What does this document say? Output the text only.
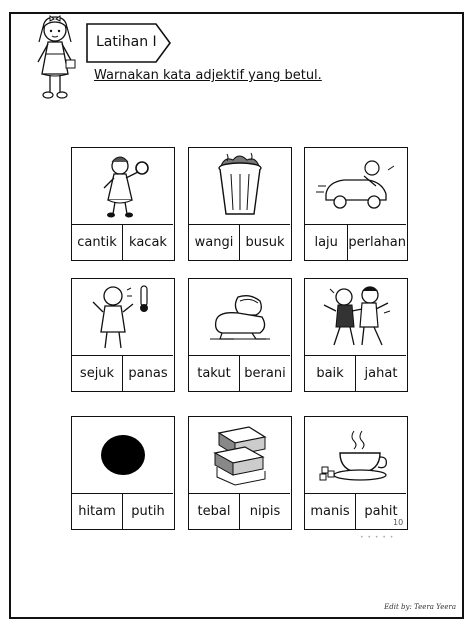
Latihan I
Warnakan kata adjektif yang betul.
cantik kacak	wangi busuk	laju perlahan
sejuk	panas	takut	berani	baik	jahat
hitam	putih	tebal	nipis	manis	pahit
10
• • • • •
Edit by: Teera Yeera
